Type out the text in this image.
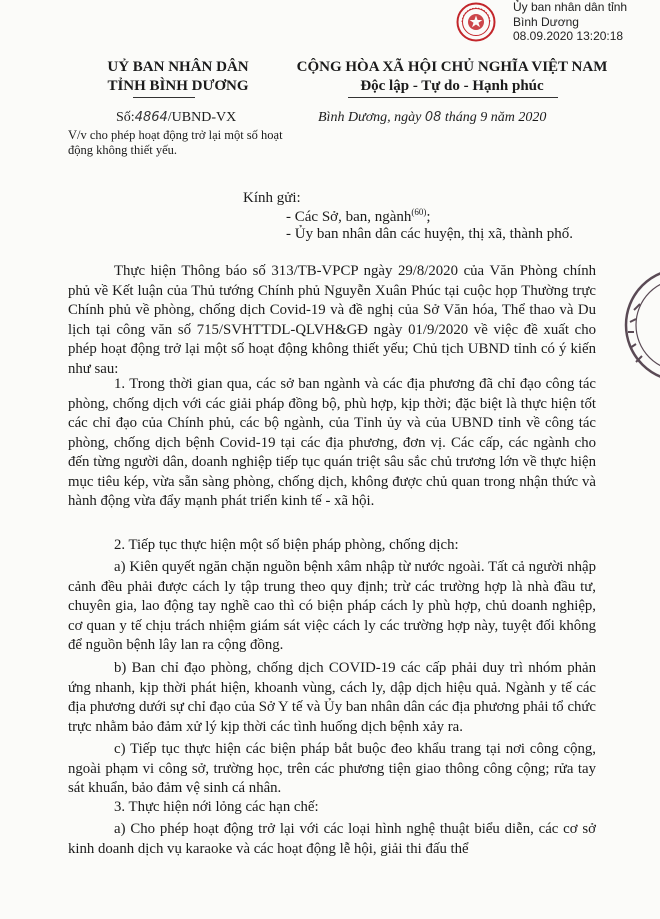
Ủy ban nhân dân tỉnh
Bình Dương
08.09.2020 13:20:18
UỶ BAN NHÂN DÂN
TỈNH BÌNH DƯƠNG
CỘNG HÒA XÃ HỘI CHỦ NGHĨA VIỆT NAM
Độc lập - Tự do - Hạnh phúc
Số:4864/UBND-VX
V/v cho phép hoạt động trở lại một số hoạt động không thiết yếu.
Bình Dương, ngày 08 tháng 9 năm 2020
Kính gửi:
- Các Sở, ban, ngành$^{(60)}$;
- Ủy ban nhân dân các huyện, thị xã, thành phố.

Thực hiện Thông báo số 313/TB-VPCP ngày 29/8/2020 của Văn Phòng chính phủ về Kết luận của Thủ tướng Chính phủ Nguyễn Xuân Phúc tại cuộc họp Thường trực Chính phủ về phòng, chống dịch Covid-19 và đề nghị của Sở Văn hóa, Thể thao và Du lịch tại công văn số 715/SVHTTDL-QLVH&GĐ ngày 01/9/2020 về việc đề xuất cho phép hoạt động trở lại một số hoạt động không thiết yếu; Chủ tịch UBND tỉnh có ý kiến như sau:

1. Trong thời gian qua, các sở ban ngành và các địa phương đã chỉ đạo công tác phòng, chống dịch với các giải pháp đồng bộ, phù hợp, kịp thời; đặc biệt là thực hiện tốt các chỉ đạo của Chính phủ, các bộ ngành, của Tỉnh ủy và của UBND tỉnh về công tác phòng, chống dịch bệnh Covid-19 tại các địa phương, đơn vị. Các cấp, các ngành cho đến từng người dân, doanh nghiệp tiếp tục quán triệt sâu sắc chủ trương lớn về thực hiện mục tiêu kép, vừa sẵn sàng phòng, chống dịch, không được chủ quan trong nhận thức và hành động vừa đẩy mạnh phát triển kinh tế - xã hội.

2. Tiếp tục thực hiện một số biện pháp phòng, chống dịch:

a) Kiên quyết ngăn chặn nguồn bệnh xâm nhập từ nước ngoài. Tất cả người nhập cảnh đều phải được cách ly tập trung theo quy định; trừ các trường hợp là nhà đầu tư, chuyên gia, lao động tay nghề cao thì có biện pháp cách ly phù hợp, chủ doanh nghiệp, cơ quan y tế chịu trách nhiệm giám sát việc cách ly các trường hợp này, tuyệt đối không để nguồn bệnh lây lan ra cộng đồng.

b) Ban chỉ đạo phòng, chống dịch COVID-19 các cấp phải duy trì nhóm phản ứng nhanh, kịp thời phát hiện, khoanh vùng, cách ly, dập dịch hiệu quả. Ngành y tế các địa phương dưới sự chỉ đạo của Sở Y tế và Ủy ban nhân dân các địa phương phải tổ chức trực nhằm bảo đảm xử lý kịp thời các tình huống dịch bệnh xảy ra.

c) Tiếp tục thực hiện các biện pháp bắt buộc đeo khẩu trang tại nơi công cộng, ngoài phạm vi công sở, trường học, trên các phương tiện giao thông công cộng; rửa tay sát khuẩn, bảo đảm vệ sinh cá nhân.

3. Thực hiện nới lỏng các hạn chế:

a) Cho phép hoạt động trở lại với các loại hình nghệ thuật biểu diễn, các cơ sở kinh doanh dịch vụ karaoke và các hoạt động lễ hội, giải thi đấu thể
